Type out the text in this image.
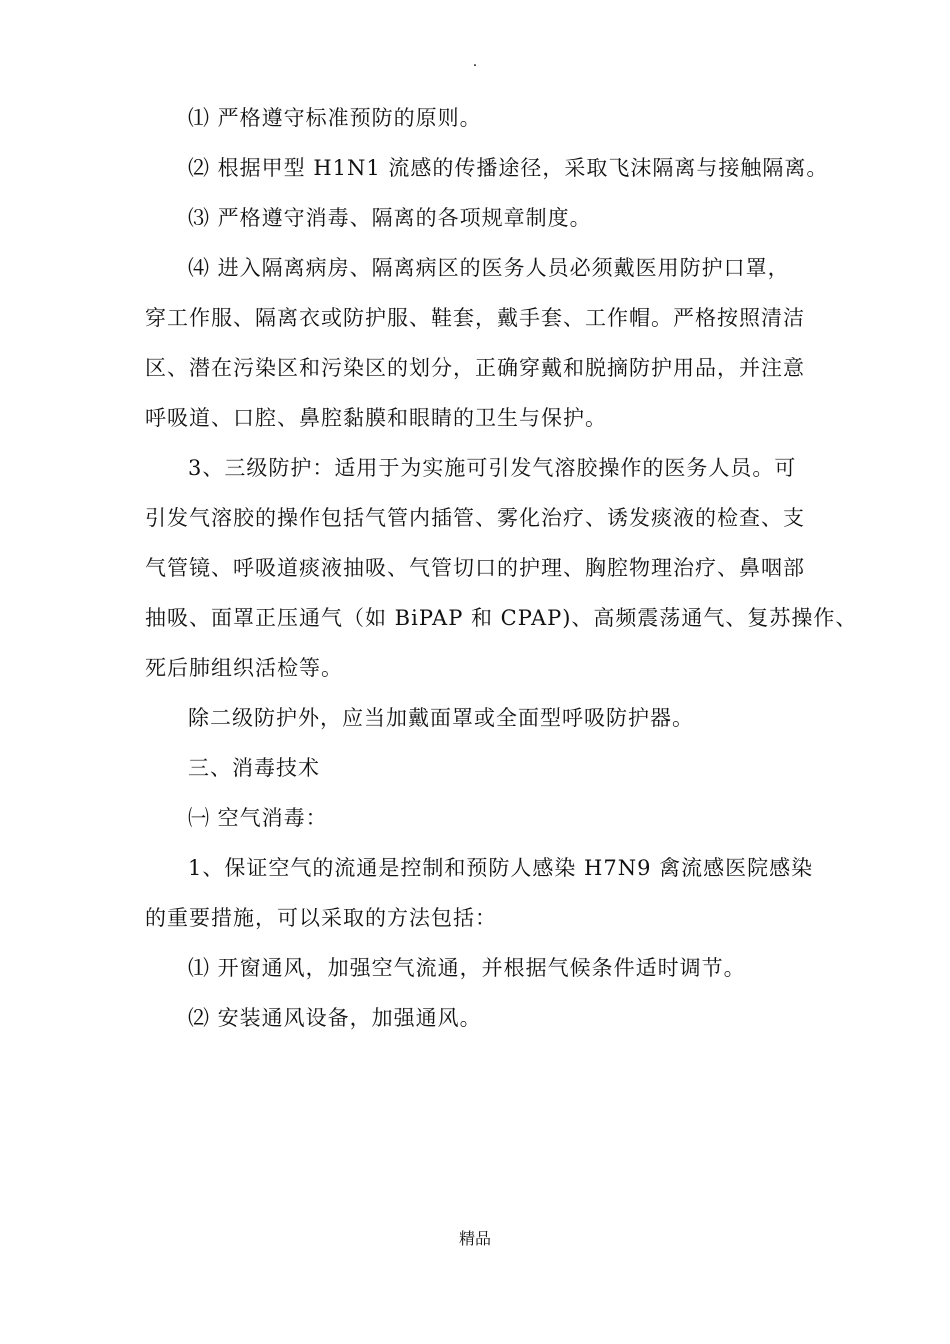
.
⑴ 严格遵守标准预防的原则。
⑵ 根据甲型 H1N1 流感的传播途径，采取飞沫隔离与接触隔离。
⑶ 严格遵守消毒、隔离的各项规章制度。
⑷ 进入隔离病房、隔离病区的医务人员必须戴医用防护口罩，
穿工作服、隔离衣或防护服、鞋套，戴手套、工作帽。严格按照清洁
区、潜在污染区和污染区的划分，正确穿戴和脱摘防护用品，并注意
呼吸道、口腔、鼻腔黏膜和眼睛的卫生与保护。
3、三级防护：适用于为实施可引发气溶胶操作的医务人员。可
引发气溶胶的操作包括气管内插管、雾化治疗、诱发痰液的检查、支
气管镜、呼吸道痰液抽吸、气管切口的护理、胸腔物理治疗、鼻咽部
抽吸、面罩正压通气（如 BiPAP 和 CPAP)、高频震荡通气、复苏操作、
死后肺组织活检等。
除二级防护外，应当加戴面罩或全面型呼吸防护器。
三、消毒技术
㈠ 空气消毒：
1、保证空气的流通是控制和预防人感染 H7N9 禽流感医院感染
的重要措施，可以采取的方法包括：
⑴ 开窗通风，加强空气流通，并根据气候条件适时调节。
⑵ 安装通风设备，加强通风。
精品
